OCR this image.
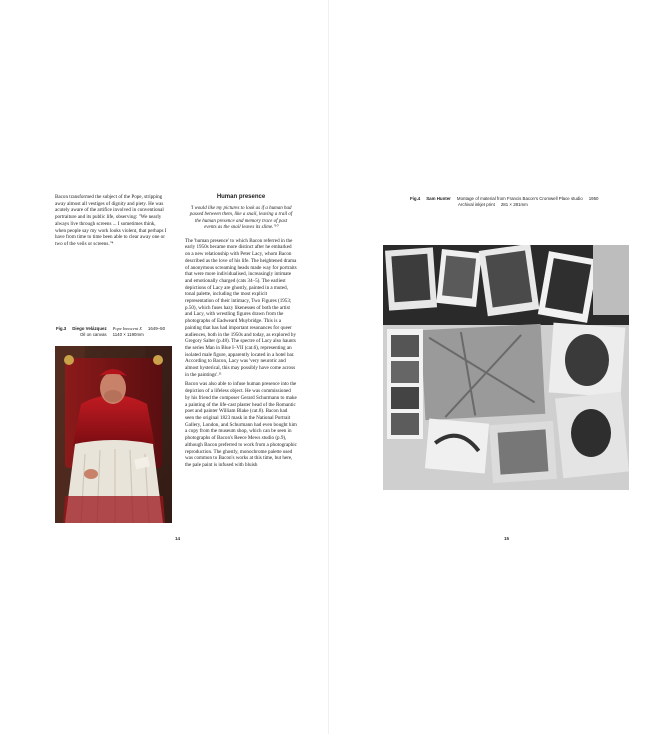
Bacon transformed the subject of the Pope, stripping away almost all vestiges of dignity and piety. He was acutely aware of the artifice involved in conventional portraiture and its public life, observing: "We nearly always live through screens ... I sometimes think, when people say my work looks violent, that perhaps I have from time to time been able to clear away one or two of the veils or screens."⁴

Fig.3 Diego Velázquez Pope Innocent X 1649–50
Oil on canvas 1140 × 1190mm
Human presence
'I would like my pictures to look as if a human had passed between them, like a snail, leaving a trail of the human presence and memory trace of past events as the snail leaves its slime.'¹⁰

The 'human presence' to which Bacon referred in the early 1950s became more distinct after he embarked on a new relationship with Peter Lacy, whom Bacon described as the love of his life. The heightened drama of anonymous screaming heads made way for portraits that were more individualised, increasingly intimate and emotionally charged (cats 34–5). The earliest depictions of Lacy are ghostly, painted in a muted, tonal palette, including the most explicit representation of their intimacy, Two Figures (1953; p.50), which fuses hazy likenesses of both the artist and Lacy, with wrestling figures drawn from the photographs of Eadweard Muybridge. This is a painting that has had important resonances for queer audiences, both in the 1950s and today, as explored by Gregory Salter (p.48). The spectre of Lacy also haunts the series Man in Blue I–VII (cat.6), representing an isolated male figure, apparently located in a hotel bar. According to Bacon, Lacy was 'very neurotic and almost hysterical, this may possibly have come across in the paintings'.¹¹

Bacon was also able to infuse human presence into the depiction of a lifeless object. He was commissioned by his friend the composer Gerard Schurmann to make a painting of the life-cast plaster head of the Romantic poet and painter William Blake (cat.8). Bacon had seen the original 1823 mask in the National Portrait Gallery, London, and Schurmann had even bought him a copy from the museum shop, which can be seen in photographs of Bacon's Reece Mews studio (p.9), although Bacon preferred to work from a photographic reproduction. The ghostly, monochrome palette used was common to Bacon's works at this time, but here, the pale paint is infused with bluish

14
Fig.4 Sam Hunter Montage of material from Francis Bacon's Cromwell Place studio 1950
Archival inkjet print 281 × 281mm
15
